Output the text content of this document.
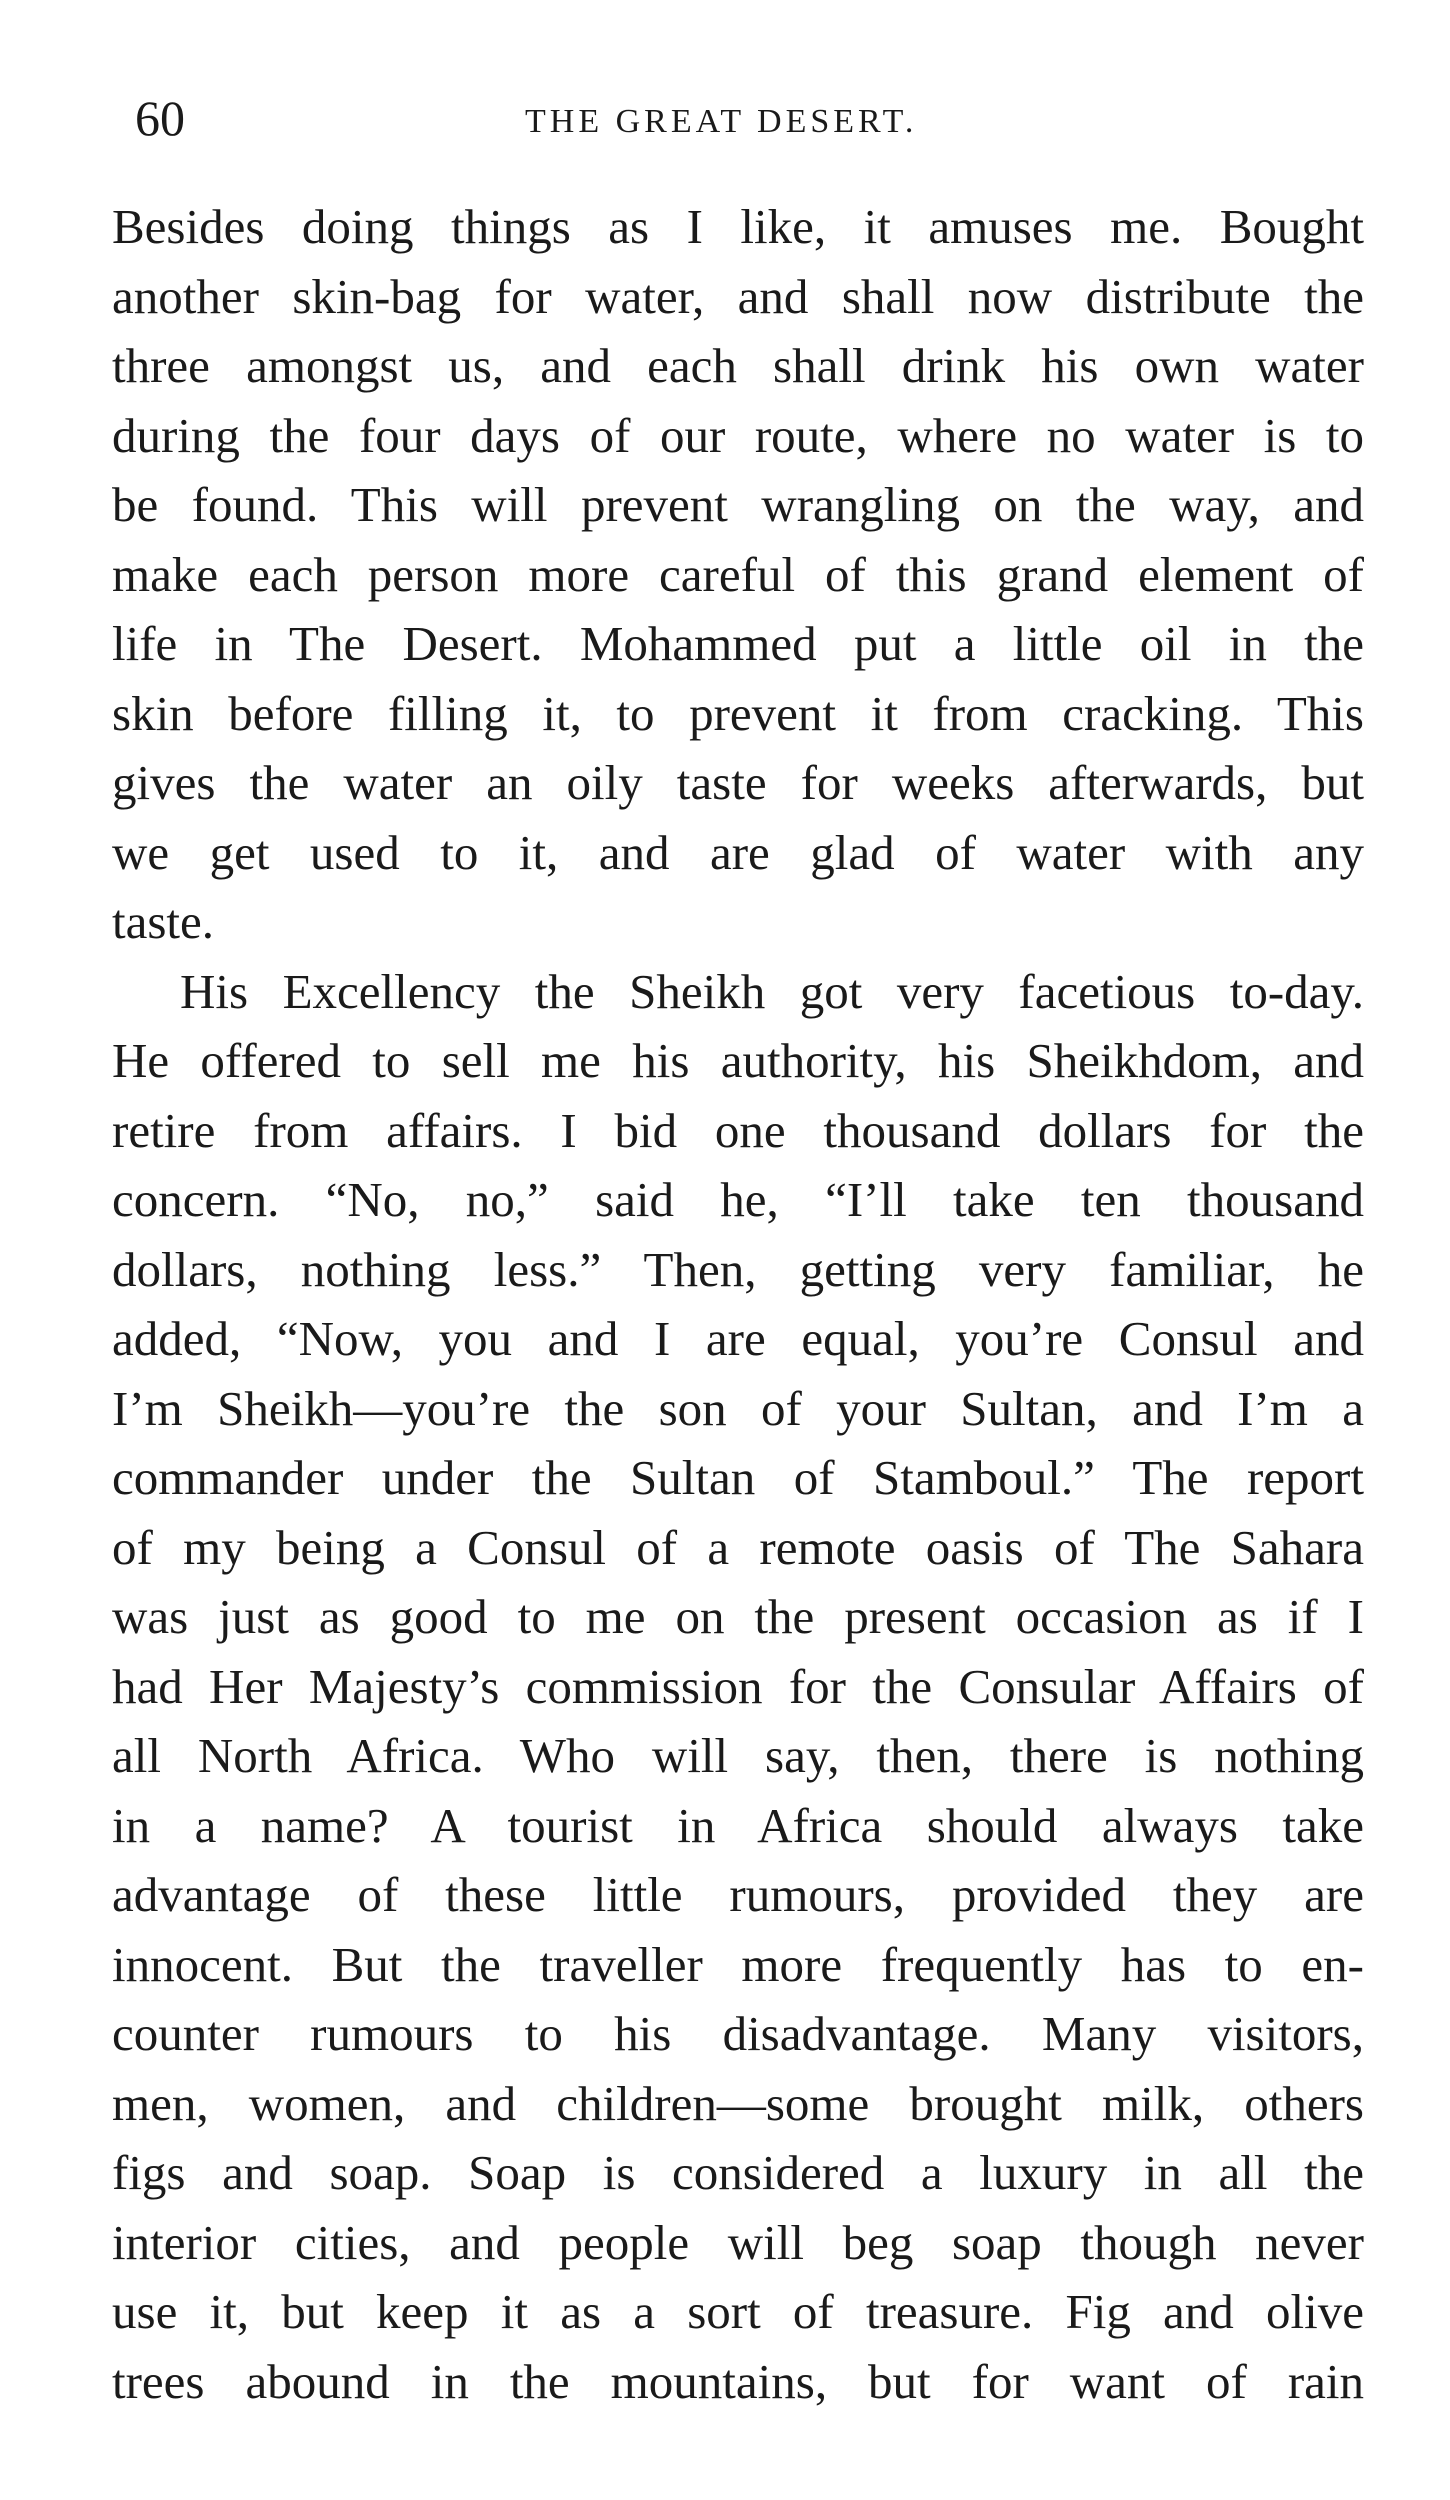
60	THE GREAT DESERT.
Besides doing things as I like, it amuses me. Bought
another skin-bag for water, and shall now distribute the
three amongst us, and each shall drink his own water
during the four days of our route, where no water is to
be found. This will prevent wrangling on the way, and
make each person more careful of this grand element of
life in The Desert. Mohammed put a little oil in the
skin before filling it, to prevent it from cracking. This
gives the water an oily taste for weeks afterwards, but
we get used to it, and are glad of water with any
taste.
His Excellency the Sheikh got very facetious to-day.
He offered to sell me his authority, his Sheikhdom, and
retire from affairs. I bid one thousand dollars for the
concern. “No, no,” said he, “I’ll take ten thousand
dollars, nothing less.” Then, getting very familiar, he
added, “Now, you and I are equal, you’re Consul and
I’m Sheikh—you’re the son of your Sultan, and I’m a
commander under the Sultan of Stamboul.” The report
of my being a Consul of a remote oasis of The Sahara
was just as good to me on the present occasion as if I
had Her Majesty’s commission for the Consular Affairs of
all North Africa. Who will say, then, there is nothing
in a name? A tourist in Africa should always take
advantage of these little rumours, provided they are
innocent. But the traveller more frequently has to en-
counter rumours to his disadvantage. Many visitors,
men, women, and children—some brought milk, others
figs and soap. Soap is considered a luxury in all the
interior cities, and people will beg soap though never
use it, but keep it as a sort of treasure. Fig and olive
trees abound in the mountains, but for want of rain
